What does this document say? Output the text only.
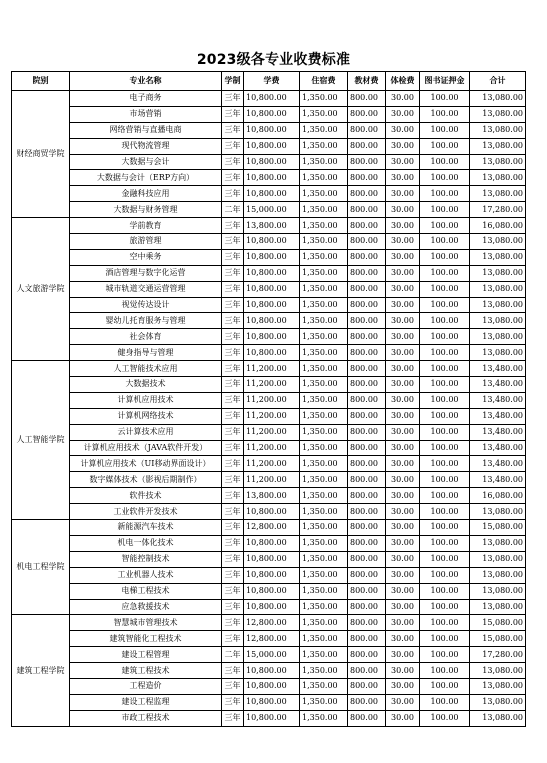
2023级各专业收费标准
院别	专业名称	学制	学费	住宿费	教材费	体检费	图书证押金	合计
财经商贸学院	电子商务	三年	10,800.00	1,350.00	800.00	30.00	100.00	13,080.00
	市场营销	三年	10,800.00	1,350.00	800.00	30.00	100.00	13,080.00
	网络营销与直播电商	三年	10,800.00	1,350.00	800.00	30.00	100.00	13,080.00
	现代物流管理	三年	10,800.00	1,350.00	800.00	30.00	100.00	13,080.00
	大数据与会计	三年	10,800.00	1,350.00	800.00	30.00	100.00	13,080.00
	大数据与会计（ERP方向）	三年	10,800.00	1,350.00	800.00	30.00	100.00	13,080.00
	金融科技应用	三年	10,800.00	1,350.00	800.00	30.00	100.00	13,080.00
	大数据与财务管理	二年	15,000.00	1,350.00	800.00	30.00	100.00	17,280.00
人文旅游学院	学前教育	三年	13,800.00	1,350.00	800.00	30.00	100.00	16,080.00
	旅游管理	三年	10,800.00	1,350.00	800.00	30.00	100.00	13,080.00
	空中乘务	三年	10,800.00	1,350.00	800.00	30.00	100.00	13,080.00
	酒店管理与数字化运营	三年	10,800.00	1,350.00	800.00	30.00	100.00	13,080.00
	城市轨道交通运营管理	三年	10,800.00	1,350.00	800.00	30.00	100.00	13,080.00
	视觉传达设计	三年	10,800.00	1,350.00	800.00	30.00	100.00	13,080.00
	婴幼儿托育服务与管理	三年	10,800.00	1,350.00	800.00	30.00	100.00	13,080.00
	社会体育	三年	10,800.00	1,350.00	800.00	30.00	100.00	13,080.00
	健身指导与管理	三年	10,800.00	1,350.00	800.00	30.00	100.00	13,080.00
人工智能学院	人工智能技术应用	三年	11,200.00	1,350.00	800.00	30.00	100.00	13,480.00
	大数据技术	三年	11,200.00	1,350.00	800.00	30.00	100.00	13,480.00
	计算机应用技术	三年	11,200.00	1,350.00	800.00	30.00	100.00	13,480.00
	计算机网络技术	三年	11,200.00	1,350.00	800.00	30.00	100.00	13,480.00
	云计算技术应用	三年	11,200.00	1,350.00	800.00	30.00	100.00	13,480.00
	计算机应用技术（JAVA软件开发）	三年	11,200.00	1,350.00	800.00	30.00	100.00	13,480.00
	计算机应用技术（UI移动界面设计）	三年	11,200.00	1,350.00	800.00	30.00	100.00	13,480.00
	数字媒体技术（影视后期制作）	三年	11,200.00	1,350.00	800.00	30.00	100.00	13,480.00
	软件技术	三年	13,800.00	1,350.00	800.00	30.00	100.00	16,080.00
	工业软件开发技术	三年	10,800.00	1,350.00	800.00	30.00	100.00	13,080.00
机电工程学院	新能源汽车技术	三年	12,800.00	1,350.00	800.00	30.00	100.00	15,080.00
	机电一体化技术	三年	10,800.00	1,350.00	800.00	30.00	100.00	13,080.00
	智能控制技术	三年	10,800.00	1,350.00	800.00	30.00	100.00	13,080.00
	工业机器人技术	三年	10,800.00	1,350.00	800.00	30.00	100.00	13,080.00
	电梯工程技术	三年	10,800.00	1,350.00	800.00	30.00	100.00	13,080.00
	应急救援技术	三年	10,800.00	1,350.00	800.00	30.00	100.00	13,080.00
建筑工程学院	智慧城市管理技术	三年	12,800.00	1,350.00	800.00	30.00	100.00	15,080.00
	建筑智能化工程技术	三年	12,800.00	1,350.00	800.00	30.00	100.00	15,080.00
	建设工程管理	二年	15,000.00	1,350.00	800.00	30.00	100.00	17,280.00
	建筑工程技术	三年	10,800.00	1,350.00	800.00	30.00	100.00	13,080.00
	工程造价	三年	10,800.00	1,350.00	800.00	30.00	100.00	13,080.00
	建设工程监理	三年	10,800.00	1,350.00	800.00	30.00	100.00	13,080.00
	市政工程技术	三年	10,800.00	1,350.00	800.00	30.00	100.00	13,080.00
